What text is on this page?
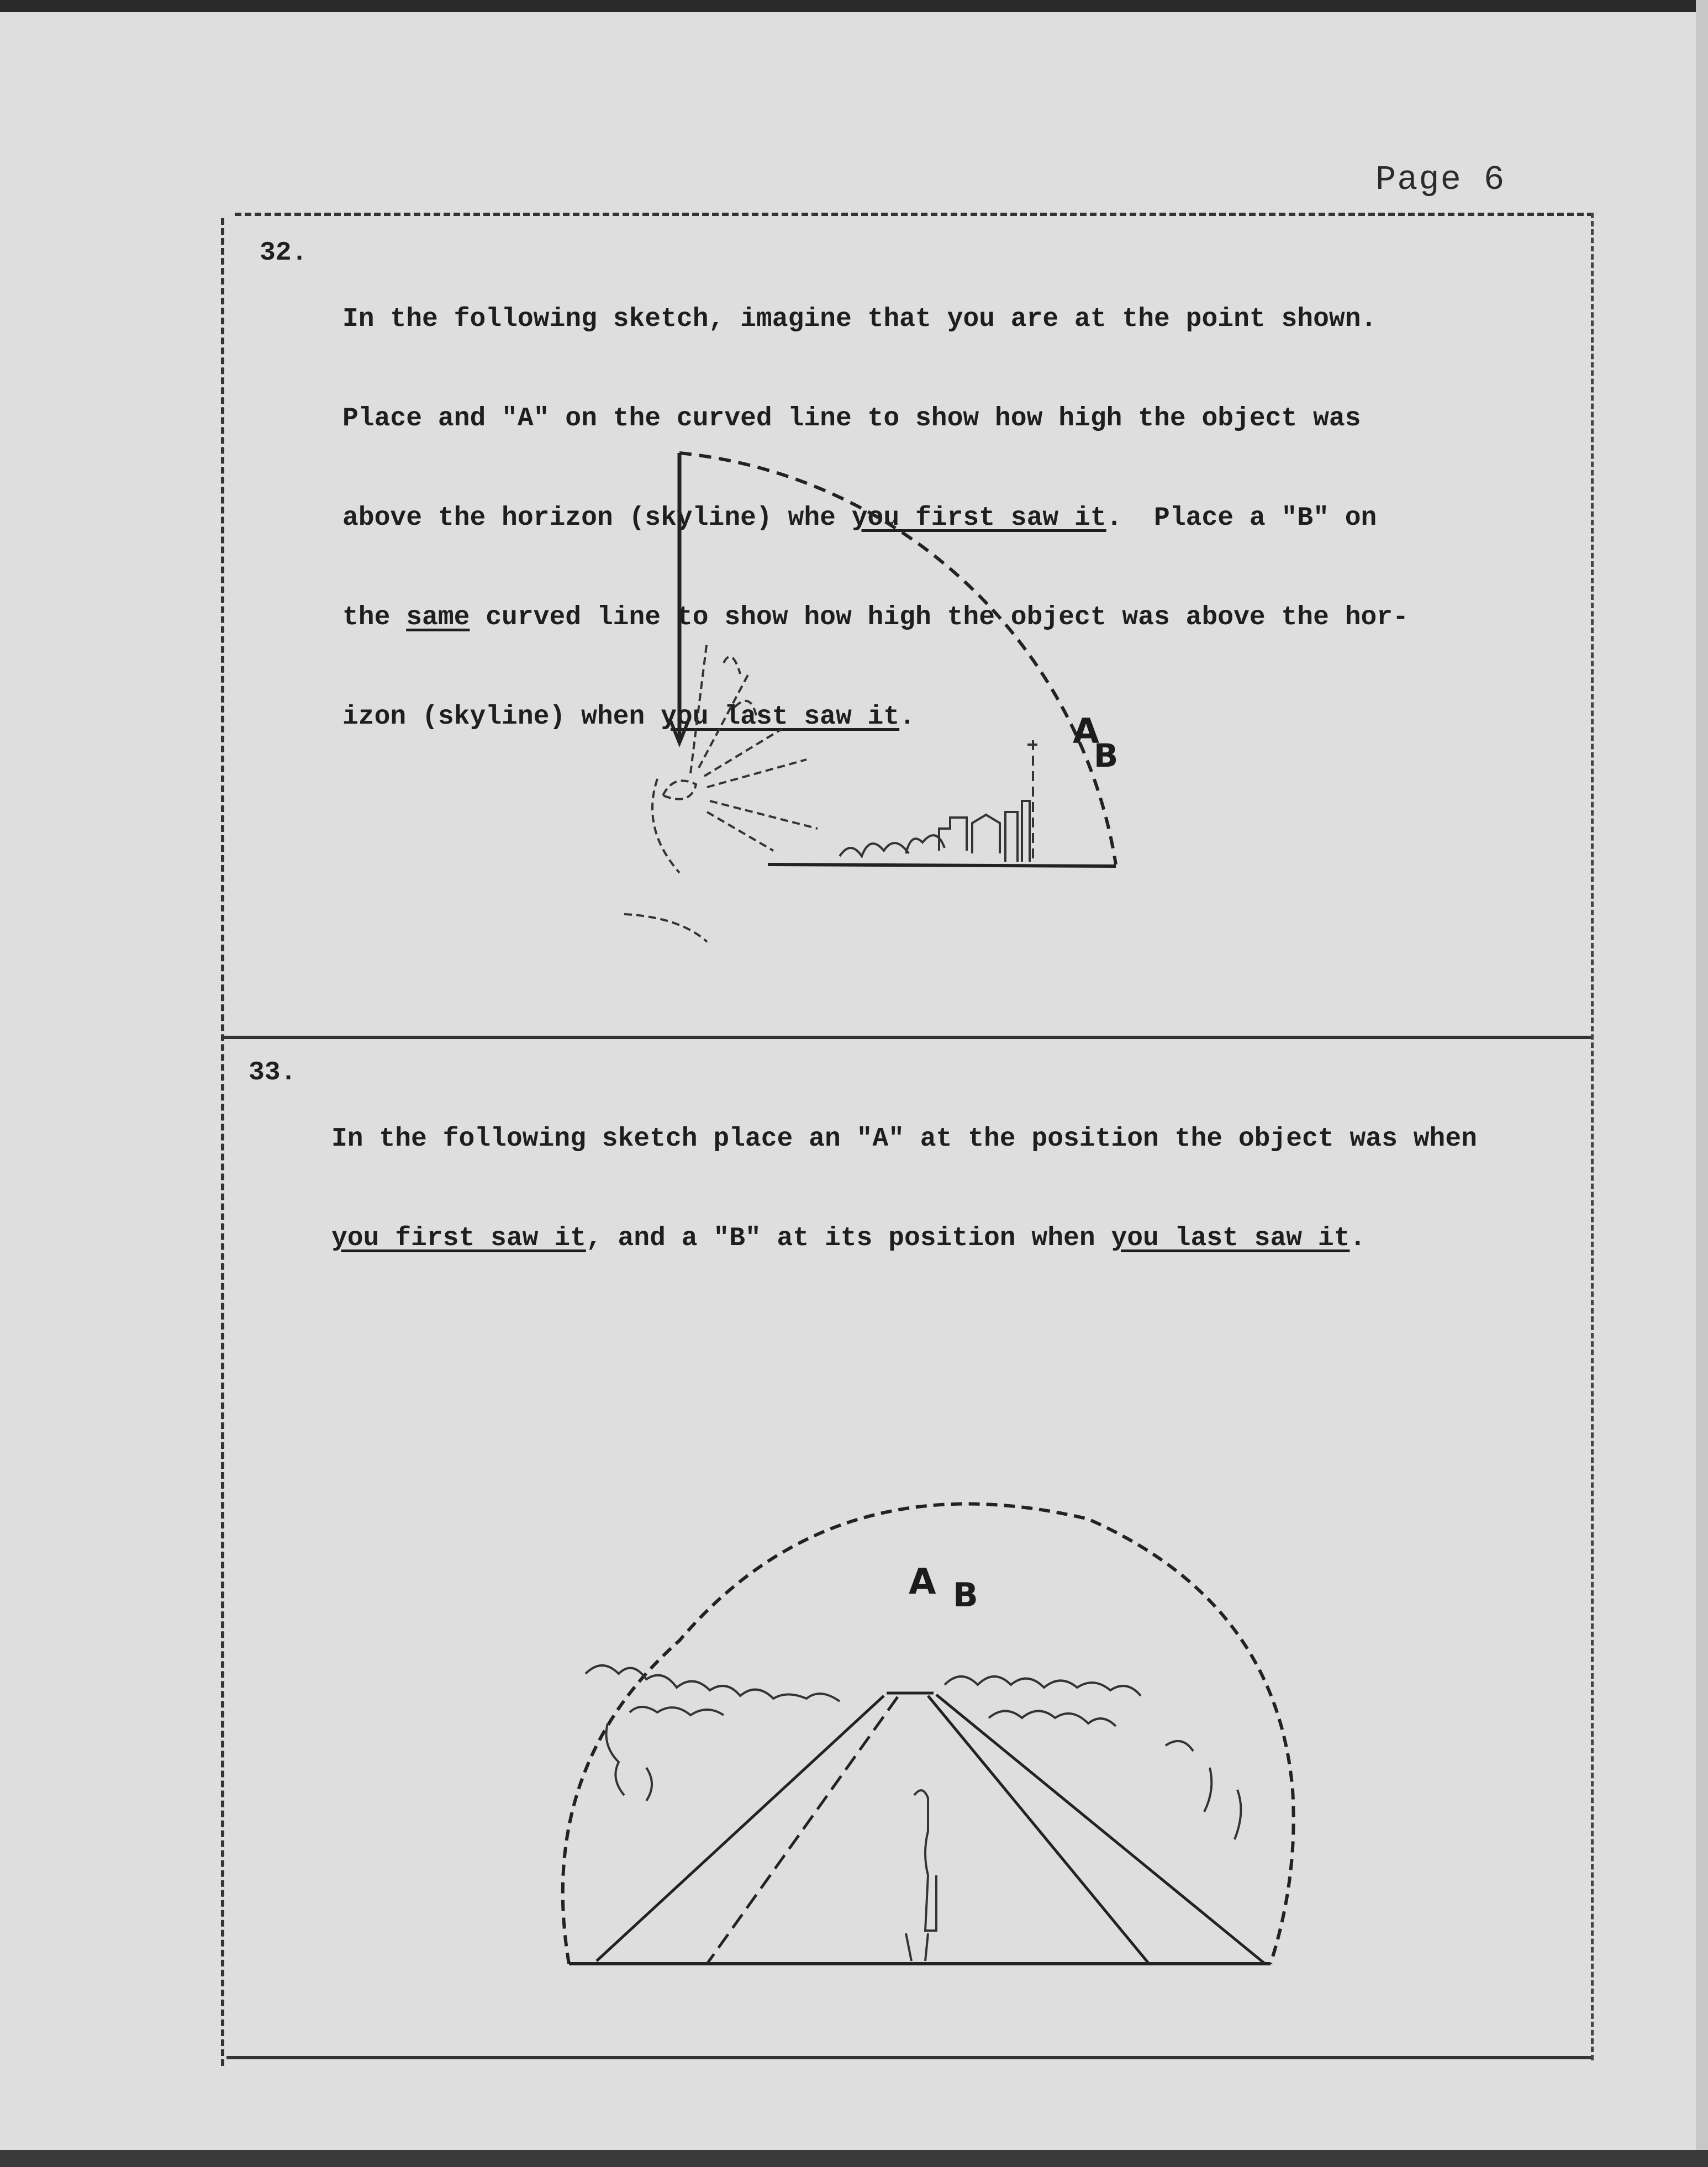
Page 6
32.

In the following sketch, imagine that you are at the point shown.

Place and "A" on the curved line to show how high the object was

above the horizon (skyline) whe you first saw it.  Place a "B" on

the same curved line to show how high the object was above the hor-

izon (skyline) when you last saw it.

	A
B
33.

In the following sketch place an "A" at the position the object was when

you first saw it, and a "B" at its position when you last saw it.

A B
